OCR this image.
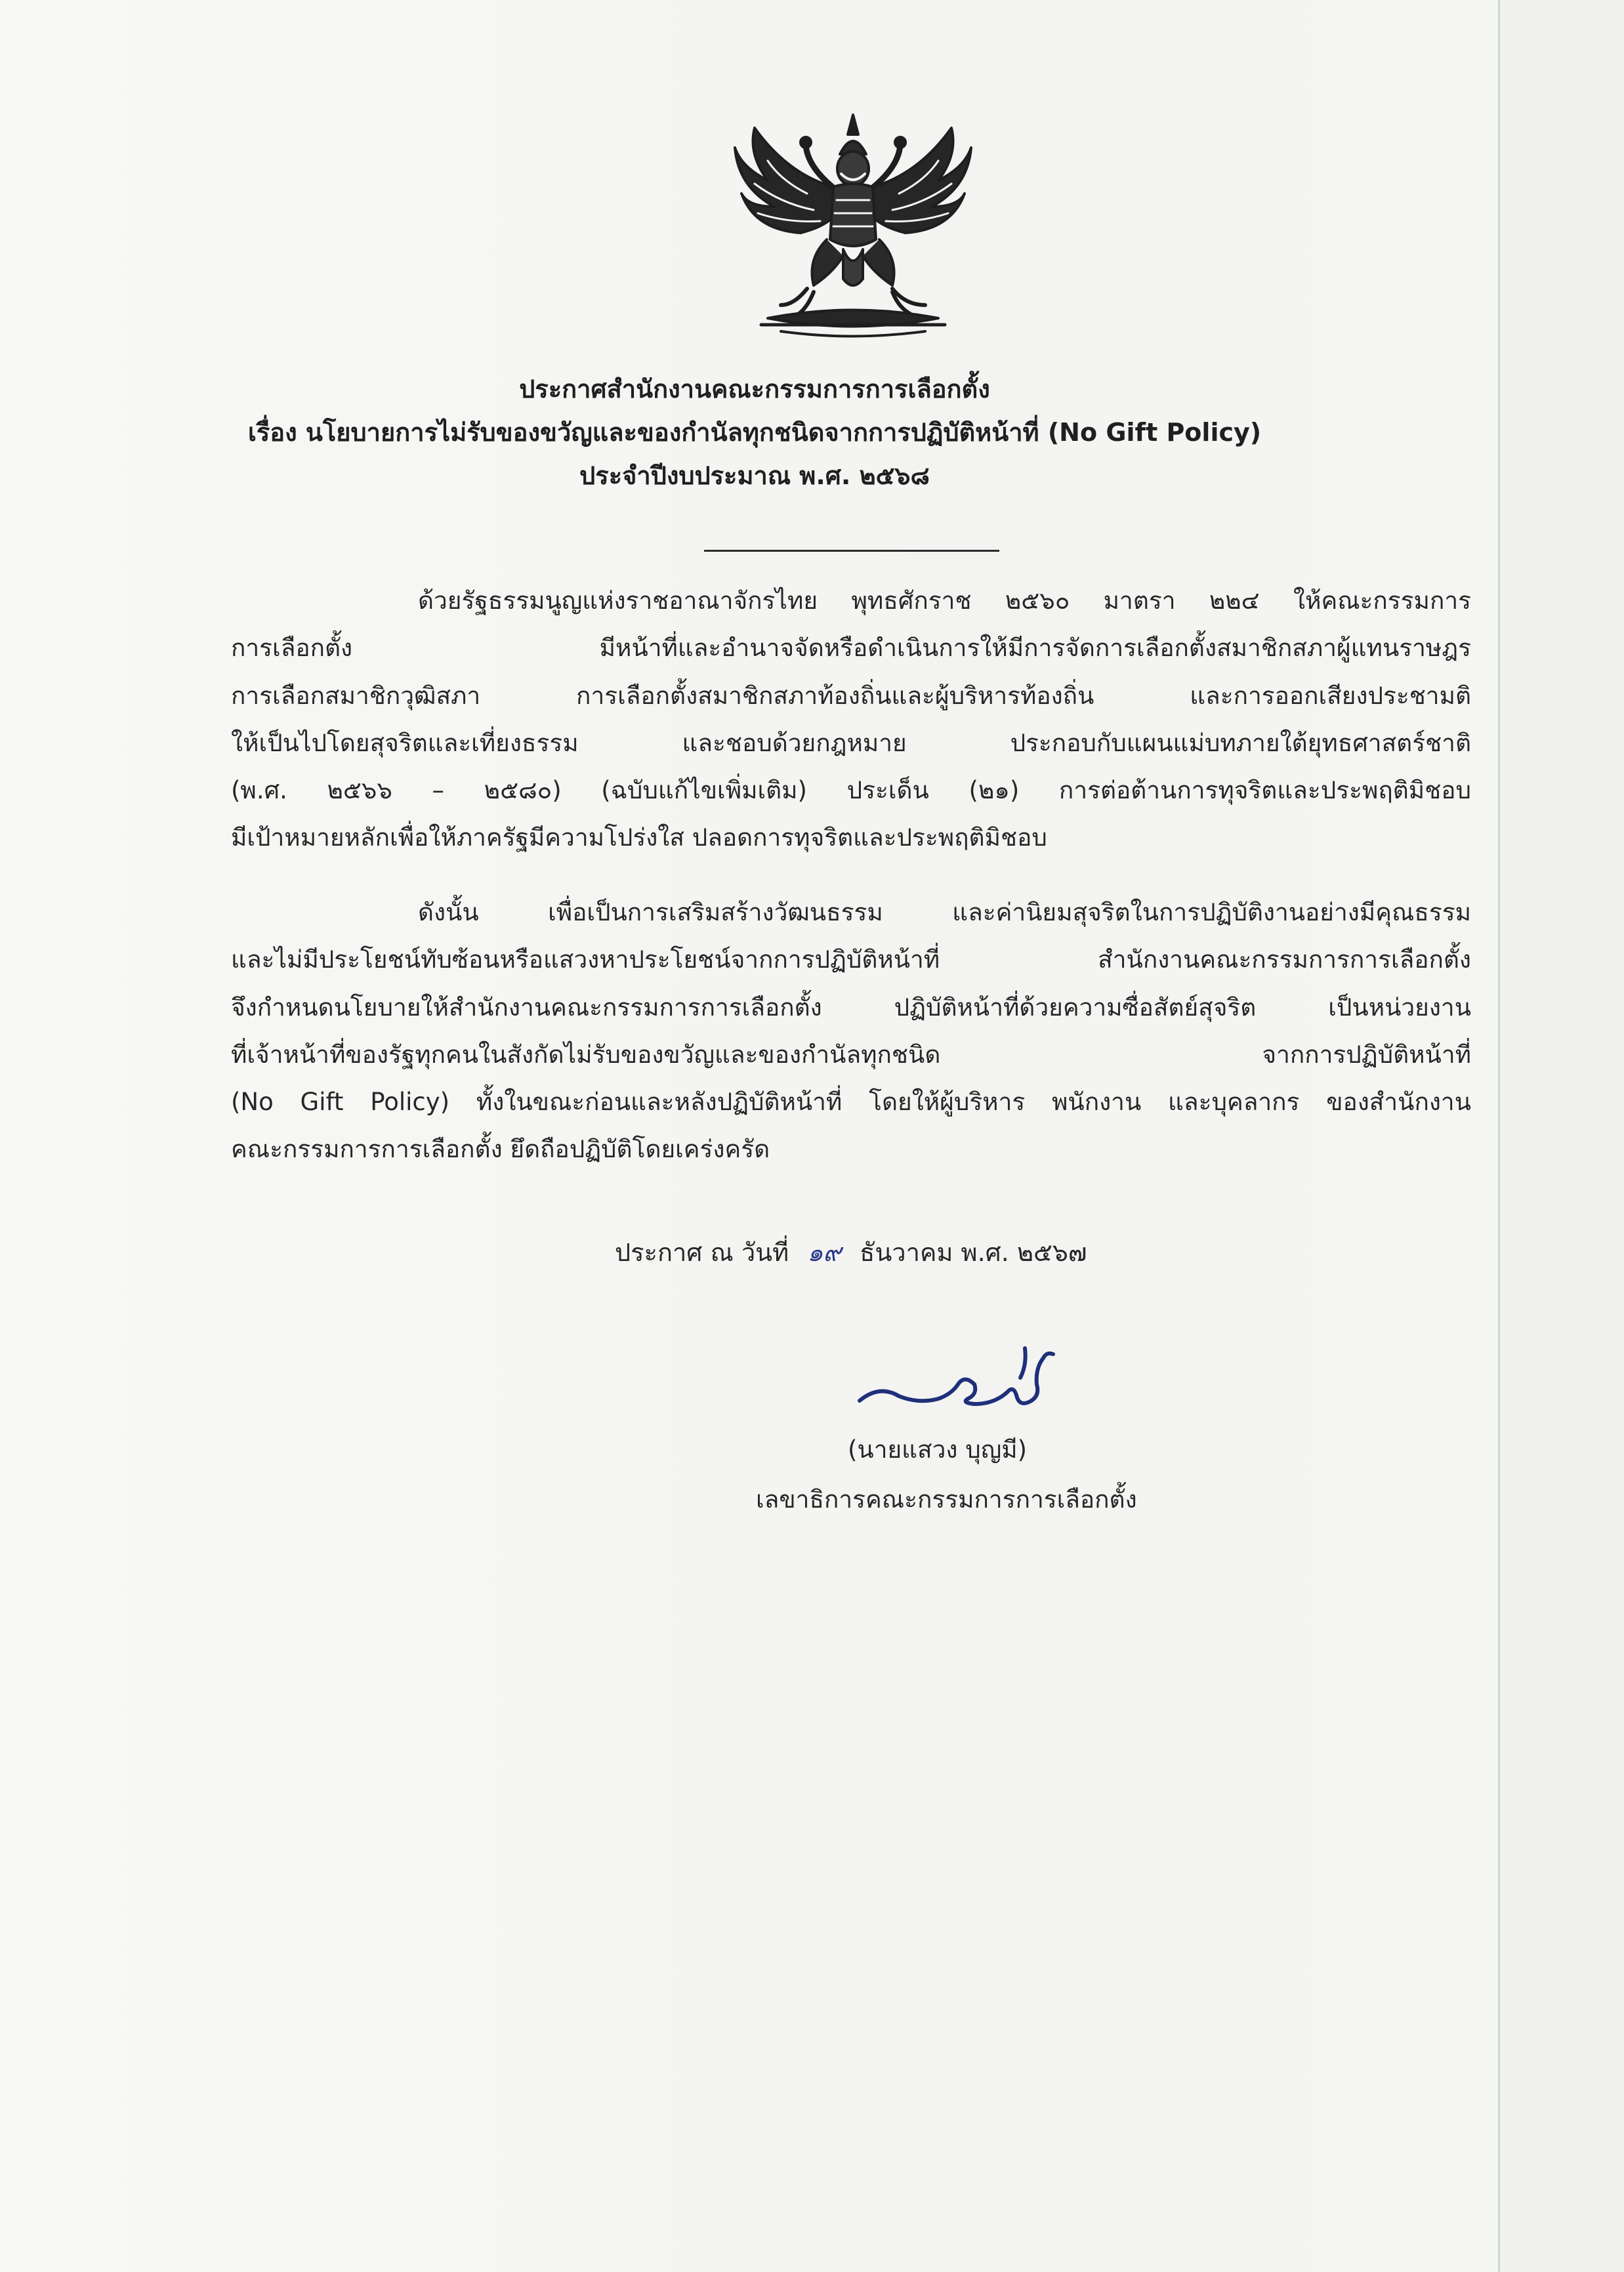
ประกาศสำนักงานคณะกรรมการการเลือกตั้ง
เรื่อง นโยบายการไม่รับของขวัญและของกำนัลทุกชนิดจากการปฏิบัติหน้าที่ (No Gift Policy)
ประจำปีงบประมาณ พ.ศ. ๒๕๖๘
ด้วยรัฐธรรมนูญแห่งราชอาณาจักรไทย พุทธศักราช ๒๕๖๐ มาตรา ๒๒๔ ให้คณะกรรมการ
การเลือกตั้ง มีหน้าที่และอำนาจจัดหรือดำเนินการให้มีการจัดการเลือกตั้งสมาชิกสภาผู้แทนราษฎร
การเลือกสมาชิกวุฒิสภา การเลือกตั้งสมาชิกสภาท้องถิ่นและผู้บริหารท้องถิ่น และการออกเสียงประชามติ
ให้เป็นไปโดยสุจริตและเที่ยงธรรม และชอบด้วยกฎหมาย ประกอบกับแผนแม่บทภายใต้ยุทธศาสตร์ชาติ
(พ.ศ. ๒๕๖๖ – ๒๕๘๐) (ฉบับแก้ไขเพิ่มเติม) ประเด็น (๒๑) การต่อต้านการทุจริตและประพฤติมิชอบ
มีเป้าหมายหลักเพื่อให้ภาครัฐมีความโปร่งใส ปลอดการทุจริตและประพฤติมิชอบ
ดังนั้น เพื่อเป็นการเสริมสร้างวัฒนธรรม และค่านิยมสุจริตในการปฏิบัติงานอย่างมีคุณธรรม
และไม่มีประโยชน์ทับซ้อนหรือแสวงหาประโยชน์จากการปฏิบัติหน้าที่ สำนักงานคณะกรรมการการเลือกตั้ง
จึงกำหนดนโยบายให้สำนักงานคณะกรรมการการเลือกตั้ง ปฏิบัติหน้าที่ด้วยความซื่อสัตย์สุจริต เป็นหน่วยงาน
ที่เจ้าหน้าที่ของรัฐทุกคนในสังกัดไม่รับของขวัญและของกำนัลทุกชนิด จากการปฏิบัติหน้าที่
(No Gift Policy) ทั้งในขณะก่อนและหลังปฏิบัติหน้าที่ โดยให้ผู้บริหาร พนักงาน และบุคลากร ของสำนักงาน
คณะกรรมการการเลือกตั้ง ยึดถือปฏิบัติโดยเคร่งครัด
ประกาศ ณ วันที่ ๑๙ ธันวาคม พ.ศ. ๒๕๖๗
(นายแสวง บุญมี)
เลขาธิการคณะกรรมการการเลือกตั้ง
